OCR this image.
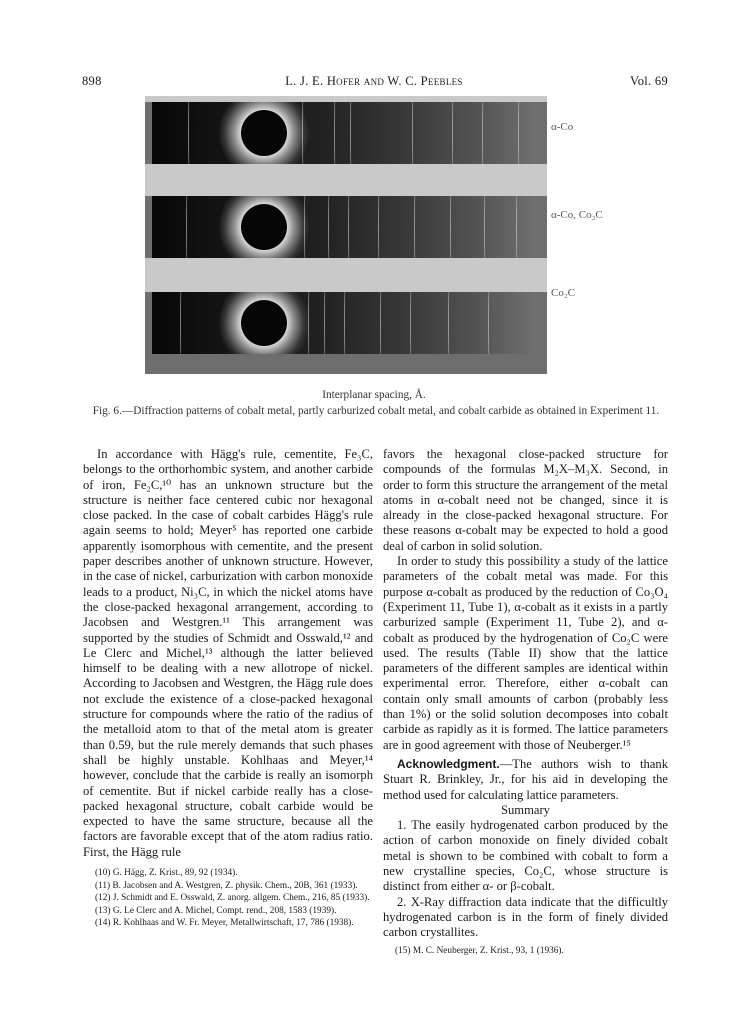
898	L. J. E. Hofer and W. C. Peebles	Vol. 69
α-Co
α-Co, Co₂C
Co₂C
Interplanar spacing, Å.
Fig. 6.—Diffraction patterns of cobalt metal, partly carburized cobalt metal, and cobalt carbide as obtained in Experiment 11.

In accordance with Hägg's rule, cementite, Fe₃C, belongs to the orthorhombic system, and another carbide of iron, Fe₂C,¹⁰ has an unknown structure but the structure is neither face centered cubic nor hexagonal close packed. In the case of cobalt carbides Hägg's rule again seems to hold; Meyer⁵ has reported one carbide apparently isomorphous with cementite, and the present paper describes another of unknown structure. However, in the case of nickel, carburization with carbon monoxide leads to a product, Ni₃C, in which the nickel atoms have the close-packed hexagonal arrangement, according to Jacobsen and Westgren.¹¹ This arrangement was supported by the studies of Schmidt and Osswald,¹² and Le Clerc and Michel,¹³ although the latter believed himself to be dealing with a new allotrope of nickel. According to Jacobsen and Westgren, the Hägg rule does not exclude the existence of a close-packed hexagonal structure for compounds where the ratio of the radius of the metalloid atom to that of the metal atom is greater than 0.59, but the rule merely demands that such phases shall be highly unstable. Kohlhaas and Meyer,¹⁴ however, conclude that the carbide is really an isomorph of cementite. But if nickel carbide really has a close-packed hexagonal structure, cobalt carbide would be expected to have the same structure, because all the factors are favorable except that of the atom radius ratio. First, the Hägg rule

(10) G. Hägg, Z. Krist., 89, 92 (1934).

(11) B. Jacobsen and A. Westgren, Z. physik. Chem., 20B, 361 (1933).

(12) J. Schmidt and E. Osswald, Z. anorg. allgem. Chem., 216, 85 (1933).

(13) G. Le Clerc and A. Michel, Compt. rend., 208, 1583 (1939).

(14) R. Kohlhaas and W. Fr. Meyer, Metallwirtschaft, 17, 786 (1938).

favors the hexagonal close-packed structure for compounds of the formulas M₂X–M₃X. Second, in order to form this structure the arrangement of the metal atoms in α-cobalt need not be changed, since it is already in the close-packed hexagonal structure. For these reasons α-cobalt may be expected to hold a good deal of carbon in solid solution.

In order to study this possibility a study of the lattice parameters of the cobalt metal was made. For this purpose α-cobalt as produced by the reduction of Co₃O₄ (Experiment 11, Tube 1), α-cobalt as it exists in a partly carburized sample (Experiment 11, Tube 2), and α-cobalt as produced by the hydrogenation of Co₂C were used. The results (Table II) show that the lattice parameters of the different samples are identical within experimental error. Therefore, either α-cobalt can contain only small amounts of carbon (probably less than 1%) or the solid solution decomposes into cobalt carbide as rapidly as it is formed. The lattice parameters are in good agreement with those of Neuberger.¹⁵

Acknowledgment.—The authors wish to thank Stuart R. Brinkley, Jr., for his aid in developing the method used for calculating lattice parameters.

Summary

1. The easily hydrogenated carbon produced by the action of carbon monoxide on finely divided cobalt metal is shown to be combined with cobalt to form a new crystalline species, Co₂C, whose structure is distinct from either α- or β-cobalt.

2. X-Ray diffraction data indicate that the difficultly hydrogenated carbon is in the form of finely divided carbon crystallites.

(15) M. C. Neuberger, Z. Krist., 93, 1 (1936).
